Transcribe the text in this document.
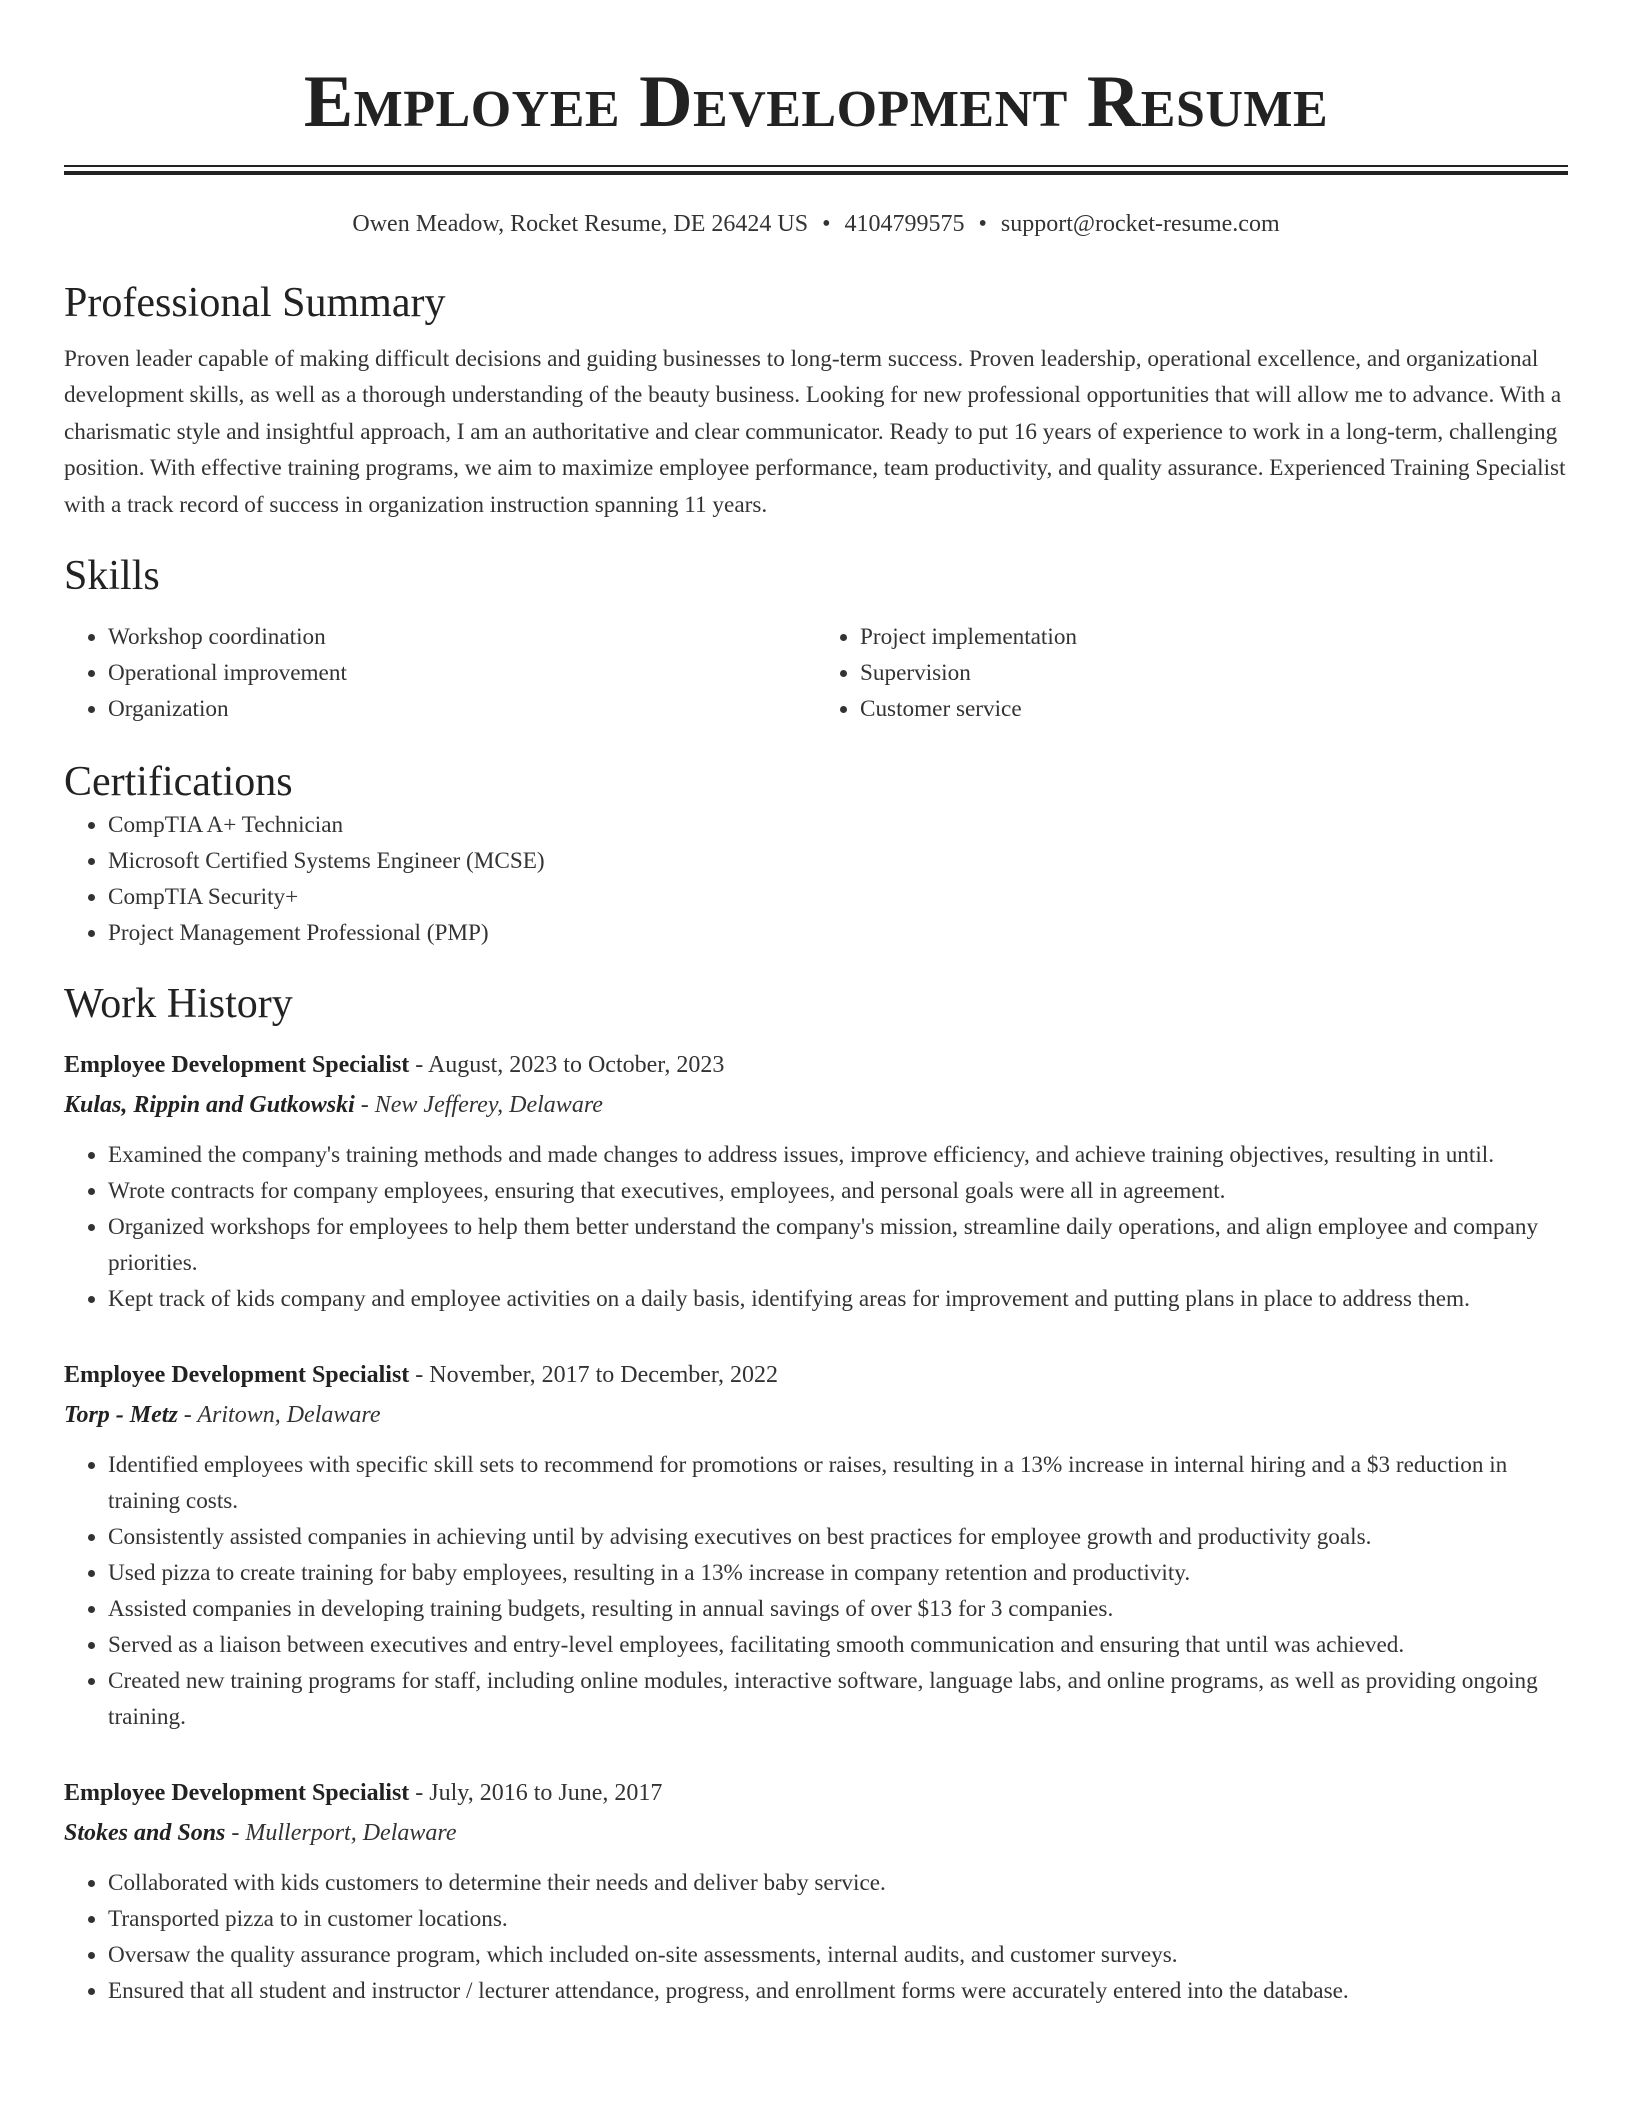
Employee Development Resume
Owen Meadow, Rocket Resume, DE 26424 US • 4104799575 • support@rocket-resume.com
Professional Summary

Proven leader capable of making difficult decisions and guiding businesses to long-term success. Proven leadership, operational excellence, and organizational development skills, as well as a thorough understanding of the beauty business. Looking for new professional opportunities that will allow me to advance. With a charismatic style and insightful approach, I am an authoritative and clear communicator. Ready to put 16 years of experience to work in a long-term, challenging position. With effective training programs, we aim to maximize employee performance, team productivity, and quality assurance. Experienced Training Specialist with a track record of success in organization instruction spanning 11 years.

Skills
• Workshop coordination
• Operational improvement
• Organization
• Project implementation
• Supervision
• Customer service
Certifications
• CompTIA A+ Technician
• Microsoft Certified Systems Engineer (MCSE)
• CompTIA Security+
• Project Management Professional (PMP)
Work History
Employee Development Specialist - August, 2023 to October, 2023
Kulas, Rippin and Gutkowski - New Jefferey, Delaware
• Examined the company's training methods and made changes to address issues, improve efficiency, and achieve training objectives, resulting in until.
• Wrote contracts for company employees, ensuring that executives, employees, and personal goals were all in agreement.
• Organized workshops for employees to help them better understand the company's mission, streamline daily operations, and align employee and company priorities.
• Kept track of kids company and employee activities on a daily basis, identifying areas for improvement and putting plans in place to address them.
Employee Development Specialist - November, 2017 to December, 2022
Torp - Metz - Aritown, Delaware
• Identified employees with specific skill sets to recommend for promotions or raises, resulting in a 13% increase in internal hiring and a $3 reduction in training costs.
• Consistently assisted companies in achieving until by advising executives on best practices for employee growth and productivity goals.
• Used pizza to create training for baby employees, resulting in a 13% increase in company retention and productivity.
• Assisted companies in developing training budgets, resulting in annual savings of over $13 for 3 companies.
• Served as a liaison between executives and entry-level employees, facilitating smooth communication and ensuring that until was achieved.
• Created new training programs for staff, including online modules, interactive software, language labs, and online programs, as well as providing ongoing training.
Employee Development Specialist - July, 2016 to June, 2017
Stokes and Sons - Mullerport, Delaware
• Collaborated with kids customers to determine their needs and deliver baby service.
• Transported pizza to in customer locations.
• Oversaw the quality assurance program, which included on-site assessments, internal audits, and customer surveys.
• Ensured that all student and instructor / lecturer attendance, progress, and enrollment forms were accurately entered into the database.
